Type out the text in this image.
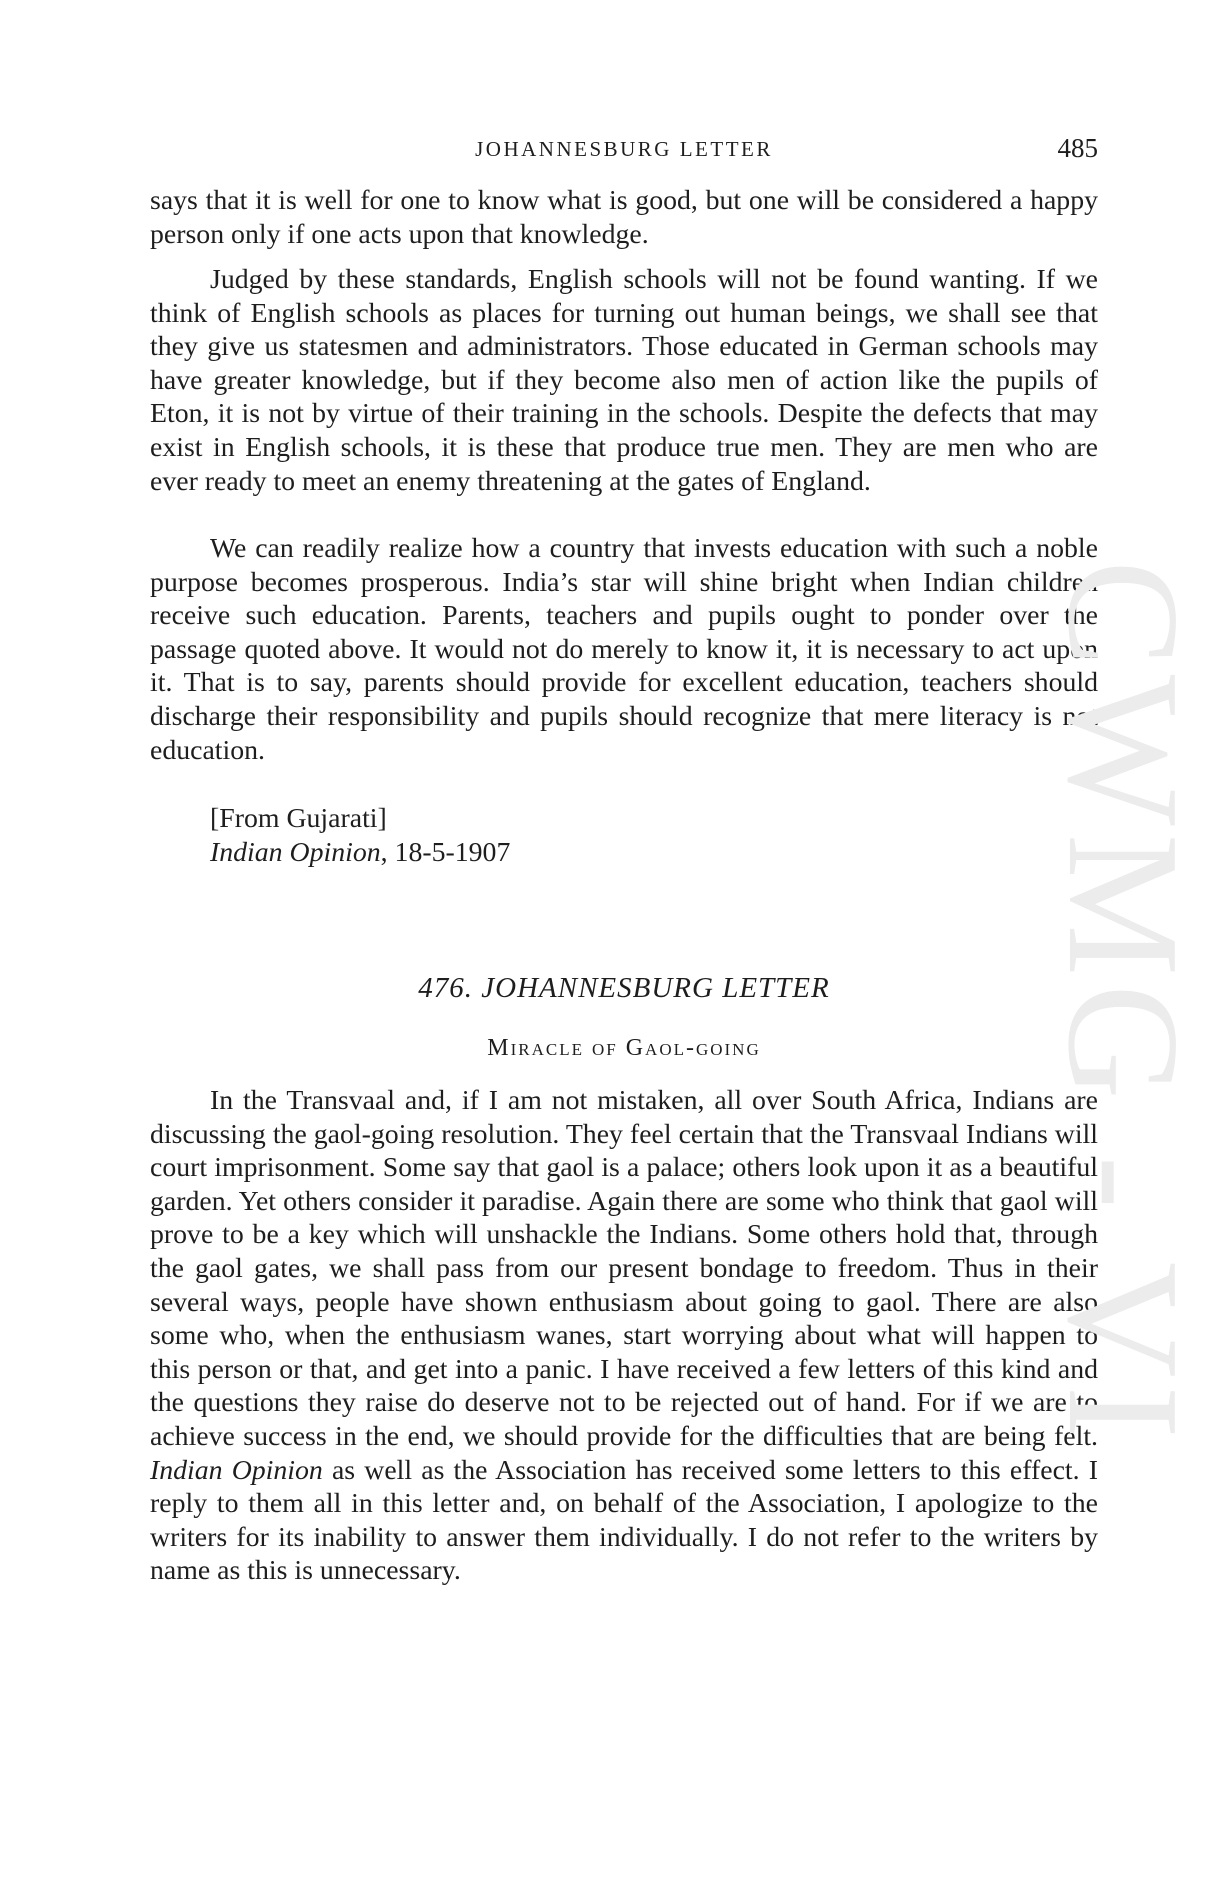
JOHANNESBURG LETTER	485

says that it is well for one to know what is good, but one will be considered a happy person only if one acts upon that knowledge.

Judged by these standards, English schools will not be found wanting. If we think of English schools as places for turning out human beings, we shall see that they give us statesmen and administrators. Those educated in German schools may have greater knowledge, but if they become also men of action like the pupils of Eton, it is not by virtue of their training in the schools. Despite the defects that may exist in English schools, it is these that produce true men. They are men who are ever ready to meet an enemy threatening at the gates of England.

We can readily realize how a country that invests education with such a noble purpose becomes prosperous. India’s star will shine bright when Indian children receive such education. Parents, teachers and pupils ought to ponder over the passage quoted above. It would not do merely to know it, it is necessary to act upon it. That is to say, parents should provide for excellent education, teachers should discharge their responsibility and pupils should recognize that mere literacy is not education.

[From Gujarati]
Indian Opinion, 18-5-1907
476. JOHANNESBURG LETTER
Miracle of Gaol-going

In the Transvaal and, if I am not mistaken, all over South Africa, Indians are discussing the gaol-going resolution. They feel certain that the Transvaal Indians will court imprisonment. Some say that gaol is a palace; others look upon it as a beautiful garden. Yet others consider it paradise. Again there are some who think that gaol will prove to be a key which will unshackle the Indians. Some others hold that, through the gaol gates, we shall pass from our present bondage to freedom. Thus in their several ways, people have shown enthusiasm about going to gaol. There are also some who, when the enthusiasm wanes, start worrying about what will happen to this person or that, and get into a panic. I have received a few letters of this kind and the questions they raise do deserve not to be rejected out of hand. For if we are to achieve success in the end, we should provide for the difficulties that are being felt. Indian Opinion as well as the Association has received some letters to this effect. I reply to them all in this letter and, on behalf of the Association, I apologize to the writers for its inability to answer them individually. I do not refer to the writers by name as this is unnecessary.

CWMG - VI
